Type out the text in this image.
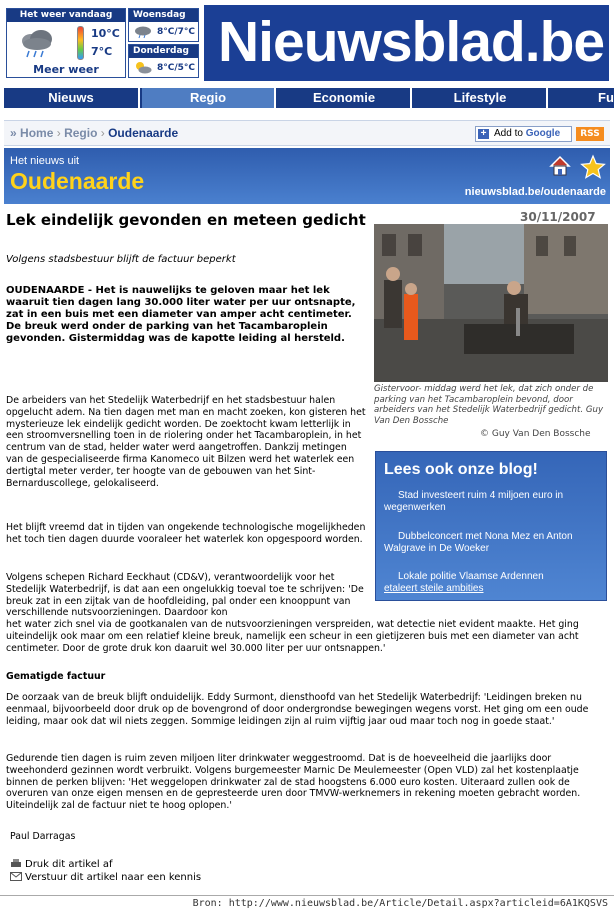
Het weer vandaag
10°C
7°C
Meer weer
Woensdag
8°C/7°C
Donderdag
8°C/5°C Nieuwsblad.be
Nieuws	Regio	Economie	Lifestyle	Fu
» Home › Regio › Oudenaarde	+ Add to Google	RSS
Het nieuws uit
Oudenaarde	nieuwsblad.be/oudenaarde
Lek eindelijk gevonden en meteen gedicht
Volgens stadsbestuur blijft de factuur beperkt
30/11/2007
OUDENAARDE - Het is nauwelijks te geloven maar het lek waaruit tien dagen lang 30.000 liter water per uur ontsnapte, zat in een buis met een diameter van amper acht centimeter. De breuk werd onder de parking van het Tacambaroplein gevonden. Gistermiddag was de kapotte leiding al hersteld.
Gistervoor- middag werd het lek, dat zich onder de parking van het Tacambaroplein bevond, door arbeiders van het Stedelijk Waterbedrijf gedicht. Guy Van Den Bossche
© Guy Van Den Bossche
Lees ook onze blog!
Stad investeert ruim 4 miljoen euro in wegenwerken
Dubbelconcert met Nona Mez en Anton Walgrave in De Woeker
Lokale politie Vlaamse Ardennen
etaleert steile ambities
De arbeiders van het Stedelijk Waterbedrijf en het stadsbestuur halen opgelucht adem. Na tien dagen met man en macht zoeken, kon gisteren het mysterieuze lek eindelijk gedicht worden. De zoektocht kwam letterlijk in een stroomversnelling toen in de riolering onder het Tacambaroplein, in het centrum van de stad, helder water werd aangetroffen. Dankzij metingen van de gespecialiseerde firma Kanomeco uit Bilzen werd het waterlek een dertigtal meter verder, ter hoogte van de gebouwen van het Sint-Bernarduscollege, gelokaliseerd.
Het blijft vreemd dat in tijden van ongekende technologische mogelijkheden het toch tien dagen duurde vooraleer het waterlek kon opgespoord worden.
Volgens schepen Richard Eeckhaut (CD&V), verantwoordelijk voor het Stedelijk Waterbedrijf, is dat aan een ongelukkig toeval toe te schrijven: 'De breuk zat in een zijtak van de hoofdleiding, pal onder een knooppunt van verschillende nutsvoorzieningen. Daardoor kon
het water zich snel via de gootkanalen van de nutsvoorzieningen verspreiden, wat detectie niet evident maakte. Het ging uiteindelijk ook maar om een relatief kleine breuk, namelijk een scheur in een gietijzeren buis met een diameter van acht centimeter. Door de grote druk kon daaruit wel 30.000 liter per uur ontsnappen.'
Gematigde factuur
De oorzaak van de breuk blijft onduidelijk. Eddy Surmont, diensthoofd van het Stedelijk Waterbedrijf: 'Leidingen breken nu eenmaal, bijvoorbeeld door druk op de bovengrond of door ondergrondse bewegingen wegens vorst. Het ging om een oude leiding, maar ook dat wil niets zeggen. Sommige leidingen zijn al ruim vijftig jaar oud maar toch nog in goede staat.'
Gedurende tien dagen is ruim zeven miljoen liter drinkwater weggestroomd. Dat is de hoeveelheid die jaarlijks door tweehonderd gezinnen wordt verbruikt. Volgens burgemeester Marnic De Meulemeester (Open VLD) zal het kostenplaatje binnen de perken blijven: 'Het weggelopen drinkwater zal de stad hoogstens 6.000 euro kosten. Uiteraard zullen ook de overuren van onze eigen mensen en de gepresteerde uren door TMVW-werknemers in rekening moeten gebracht worden. Uiteindelijk zal de factuur niet te hoog oplopen.'
Paul Darragas
Druk dit artikel af
Verstuur dit artikel naar een kennis
Bron: http://www.nieuwsblad.be/Article/Detail.aspx?articleid=6A1KQSVS
